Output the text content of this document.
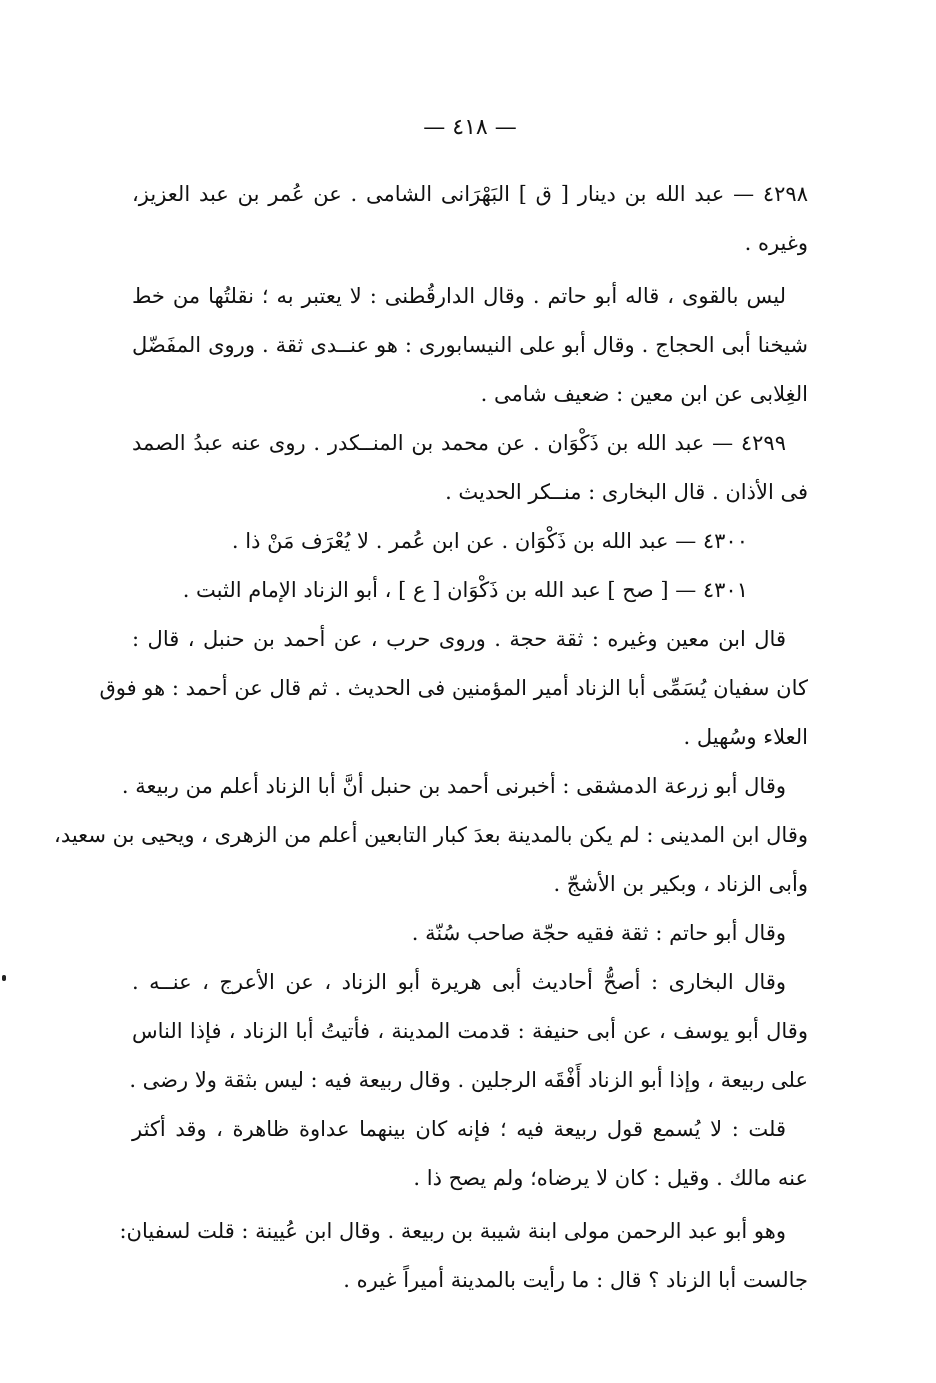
— ٤١٨ —
٤٢٩٨ — عبد الله بن دينار [ ق ] البَهْرَانى الشامى . عن عُمر بن عبد العزيز،
وغيره .
ليس بالقوى ، قاله أبو حاتم . وقال الدارقُطنى : لا يعتبر به ؛ نقلتُها من خط
شيخنا أبى الحجاج . وقال أبو على النيسابورى : هو عنــدى ثقة . وروى المفَضّل
الغِلابى عن ابن معين : ضعيف شامى .
٤٢٩٩ — عبد الله بن ذَكْوَان . عن محمد بن المنــكدر . روى عنه عبدُ الصمد
فى الأذان . قال البخارى : منــكر الحديث .
٤٣٠٠ — عبد الله بن ذَكْوَان . عن ابن عُمر . لا يُعْرَف مَنْ ذا .
٤٣٠١ — [ صح ] عبد الله بن ذَكْوَان [ ع ] ، أبو الزناد الإمام الثبت .
قال ابن معين وغيره : ثقة حجة . وروى حرب ، عن أحمد بن حنبل ، قال :
كان سفيان يُسَمِّى أبا الزناد أمير المؤمنين فى الحديث . ثم قال عن أحمد : هو فوق
العلاء وسُهيل .
وقال أبو زرعة الدمشقى : أخبرنى أحمد بن حنبل أنَّ أبا الزناد أعلم من ربيعة .
وقال ابن المدينى : لم يكن بالمدينة بعدَ كبار التابعين أعلم من الزهرى ، ويحيى بن سعيد،
وأبى الزناد ، وبكير بن الأشجّ .
وقال أبو حاتم : ثقة فقيه حجّة صاحب سُنّة .
وقال البخارى : أصحُّ أحاديث أبى هريرة أبو الزناد ، عن الأعرج ، عنــه .
وقال أبو يوسف ، عن أبى حنيفة : قدمت المدينة ، فأتيتُ أبا الزناد ، فإذا الناس
على ربيعة ، وإذا أبو الزناد أَفْقَه الرجلين . وقال ربيعة فيه : ليس بثقة ولا رضى .
قلت : لا يُسمع قول ربيعة فيه ؛ فإنه كان بينهما عداوة ظاهرة ، وقد أكثر
عنه مالك . وقيل : كان لا يرضاه؛ ولم يصح ذا .
وهو أبو عبد الرحمن مولى ابنة شيبة بن ربيعة . وقال ابن عُيينة : قلت لسفيان:
جالست أبا الزناد ؟ قال : ما رأيت بالمدينة أميراً غيره .
